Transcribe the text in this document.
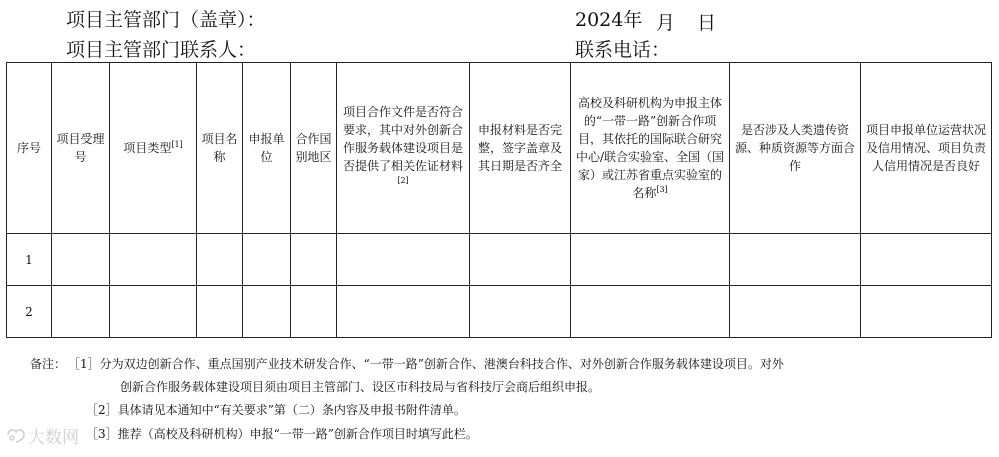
项目主管部门（盖章）：	2024年 月 日
项目主管部门联系人：	联系电话：
序号	项目受理号	项目类型[1]	项目名称	申报单位	合作国别地区	项目合作文件是否符合要求，其中对外创新合作服务载体建设项目是否提供了相关佐证材料[2]	申报材料是否完整，签字盖章及其日期是否齐全	高校及科研机构为申报主体的“一带一路”创新合作项目，其依托的国际联合研究中心/联合实验室、全国（国家）或江苏省重点实验室的名称[3]	是否涉及人类遗传资源、种质资源等方面合作	项目申报单位运营状况及信用情况、项目负责人信用情况是否良好
1										
2										
备注： ［1］分为双边创新合作、重点国别产业技术研发合作、“一带一路”创新合作、港澳台科技合作、对外创新合作服务载体建设项目。对外
创新合作服务载体建设项目须由项目主管部门、设区市科技局与省科技厅会商后组织申报。
［2］具体请见本通知中“有关要求”第（二）条内容及申报书附件清单。
［3］推荐（高校及科研机构）申报“一带一路”创新合作项目时填写此栏。
大数网
